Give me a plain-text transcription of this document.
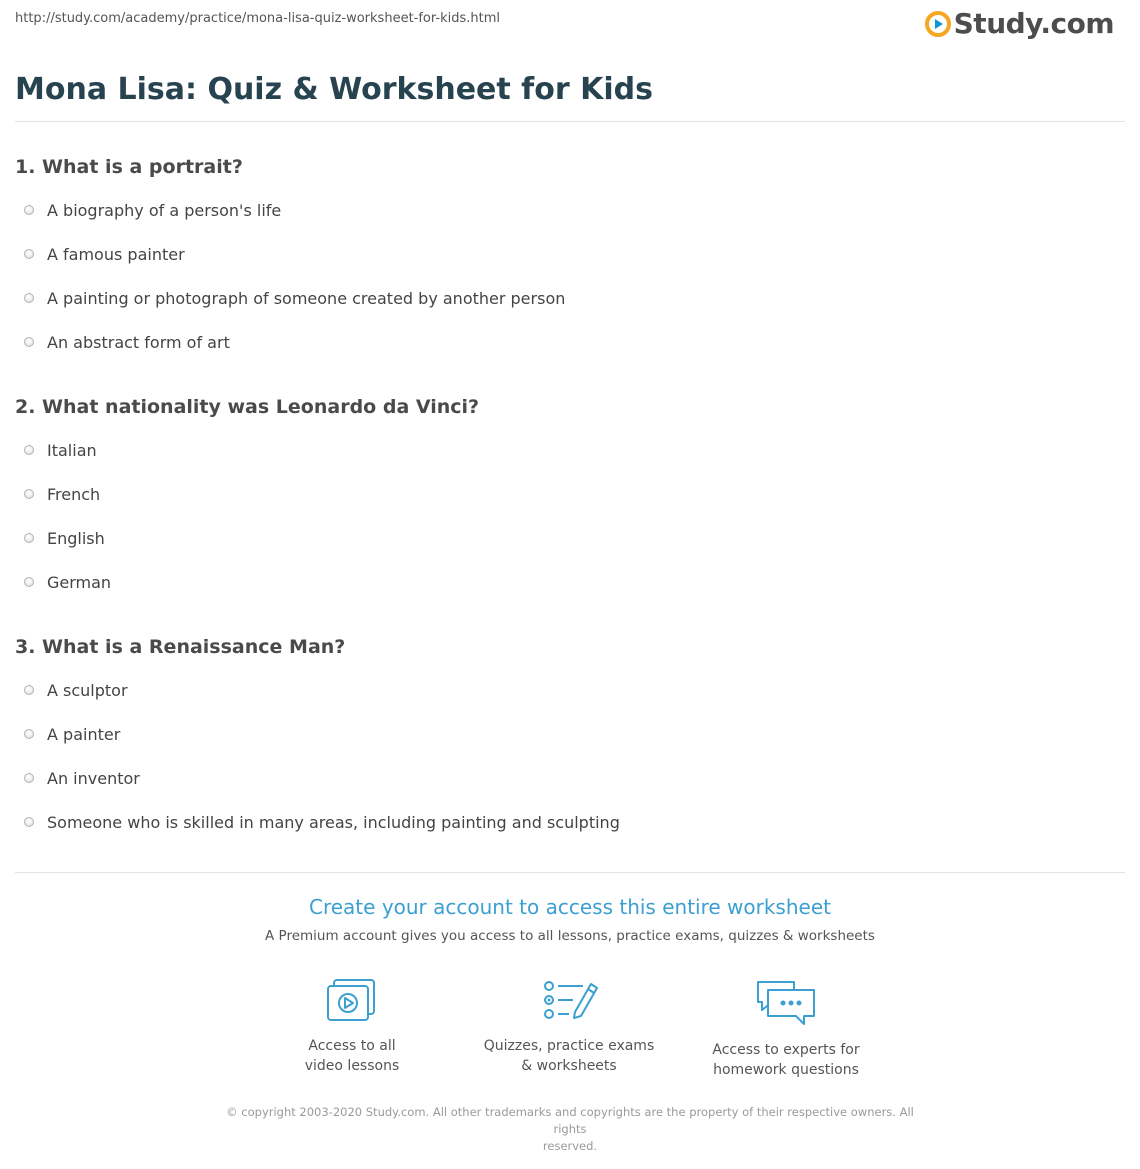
http://study.com/academy/practice/mona-lisa-quiz-worksheet-for-kids.html	Study.com
Mona Lisa: Quiz & Worksheet for Kids
1. What is a portrait?
A biography of a person's life
A famous painter
A painting or photograph of someone created by another person
An abstract form of art
2. What nationality was Leonardo da Vinci?
Italian
French
English
German
3. What is a Renaissance Man?
A sculptor
A painter
An inventor
Someone who is skilled in many areas, including painting and sculpting
Create your account to access this entire worksheet
A Premium account gives you access to all lessons, practice exams, quizzes & worksheets
Access to all
video lessons
Quizzes, practice exams
& worksheets
Access to experts for
homework questions
© copyright 2003-2020 Study.com. All other trademarks and copyrights are the property of their respective owners. All rights
reserved.
